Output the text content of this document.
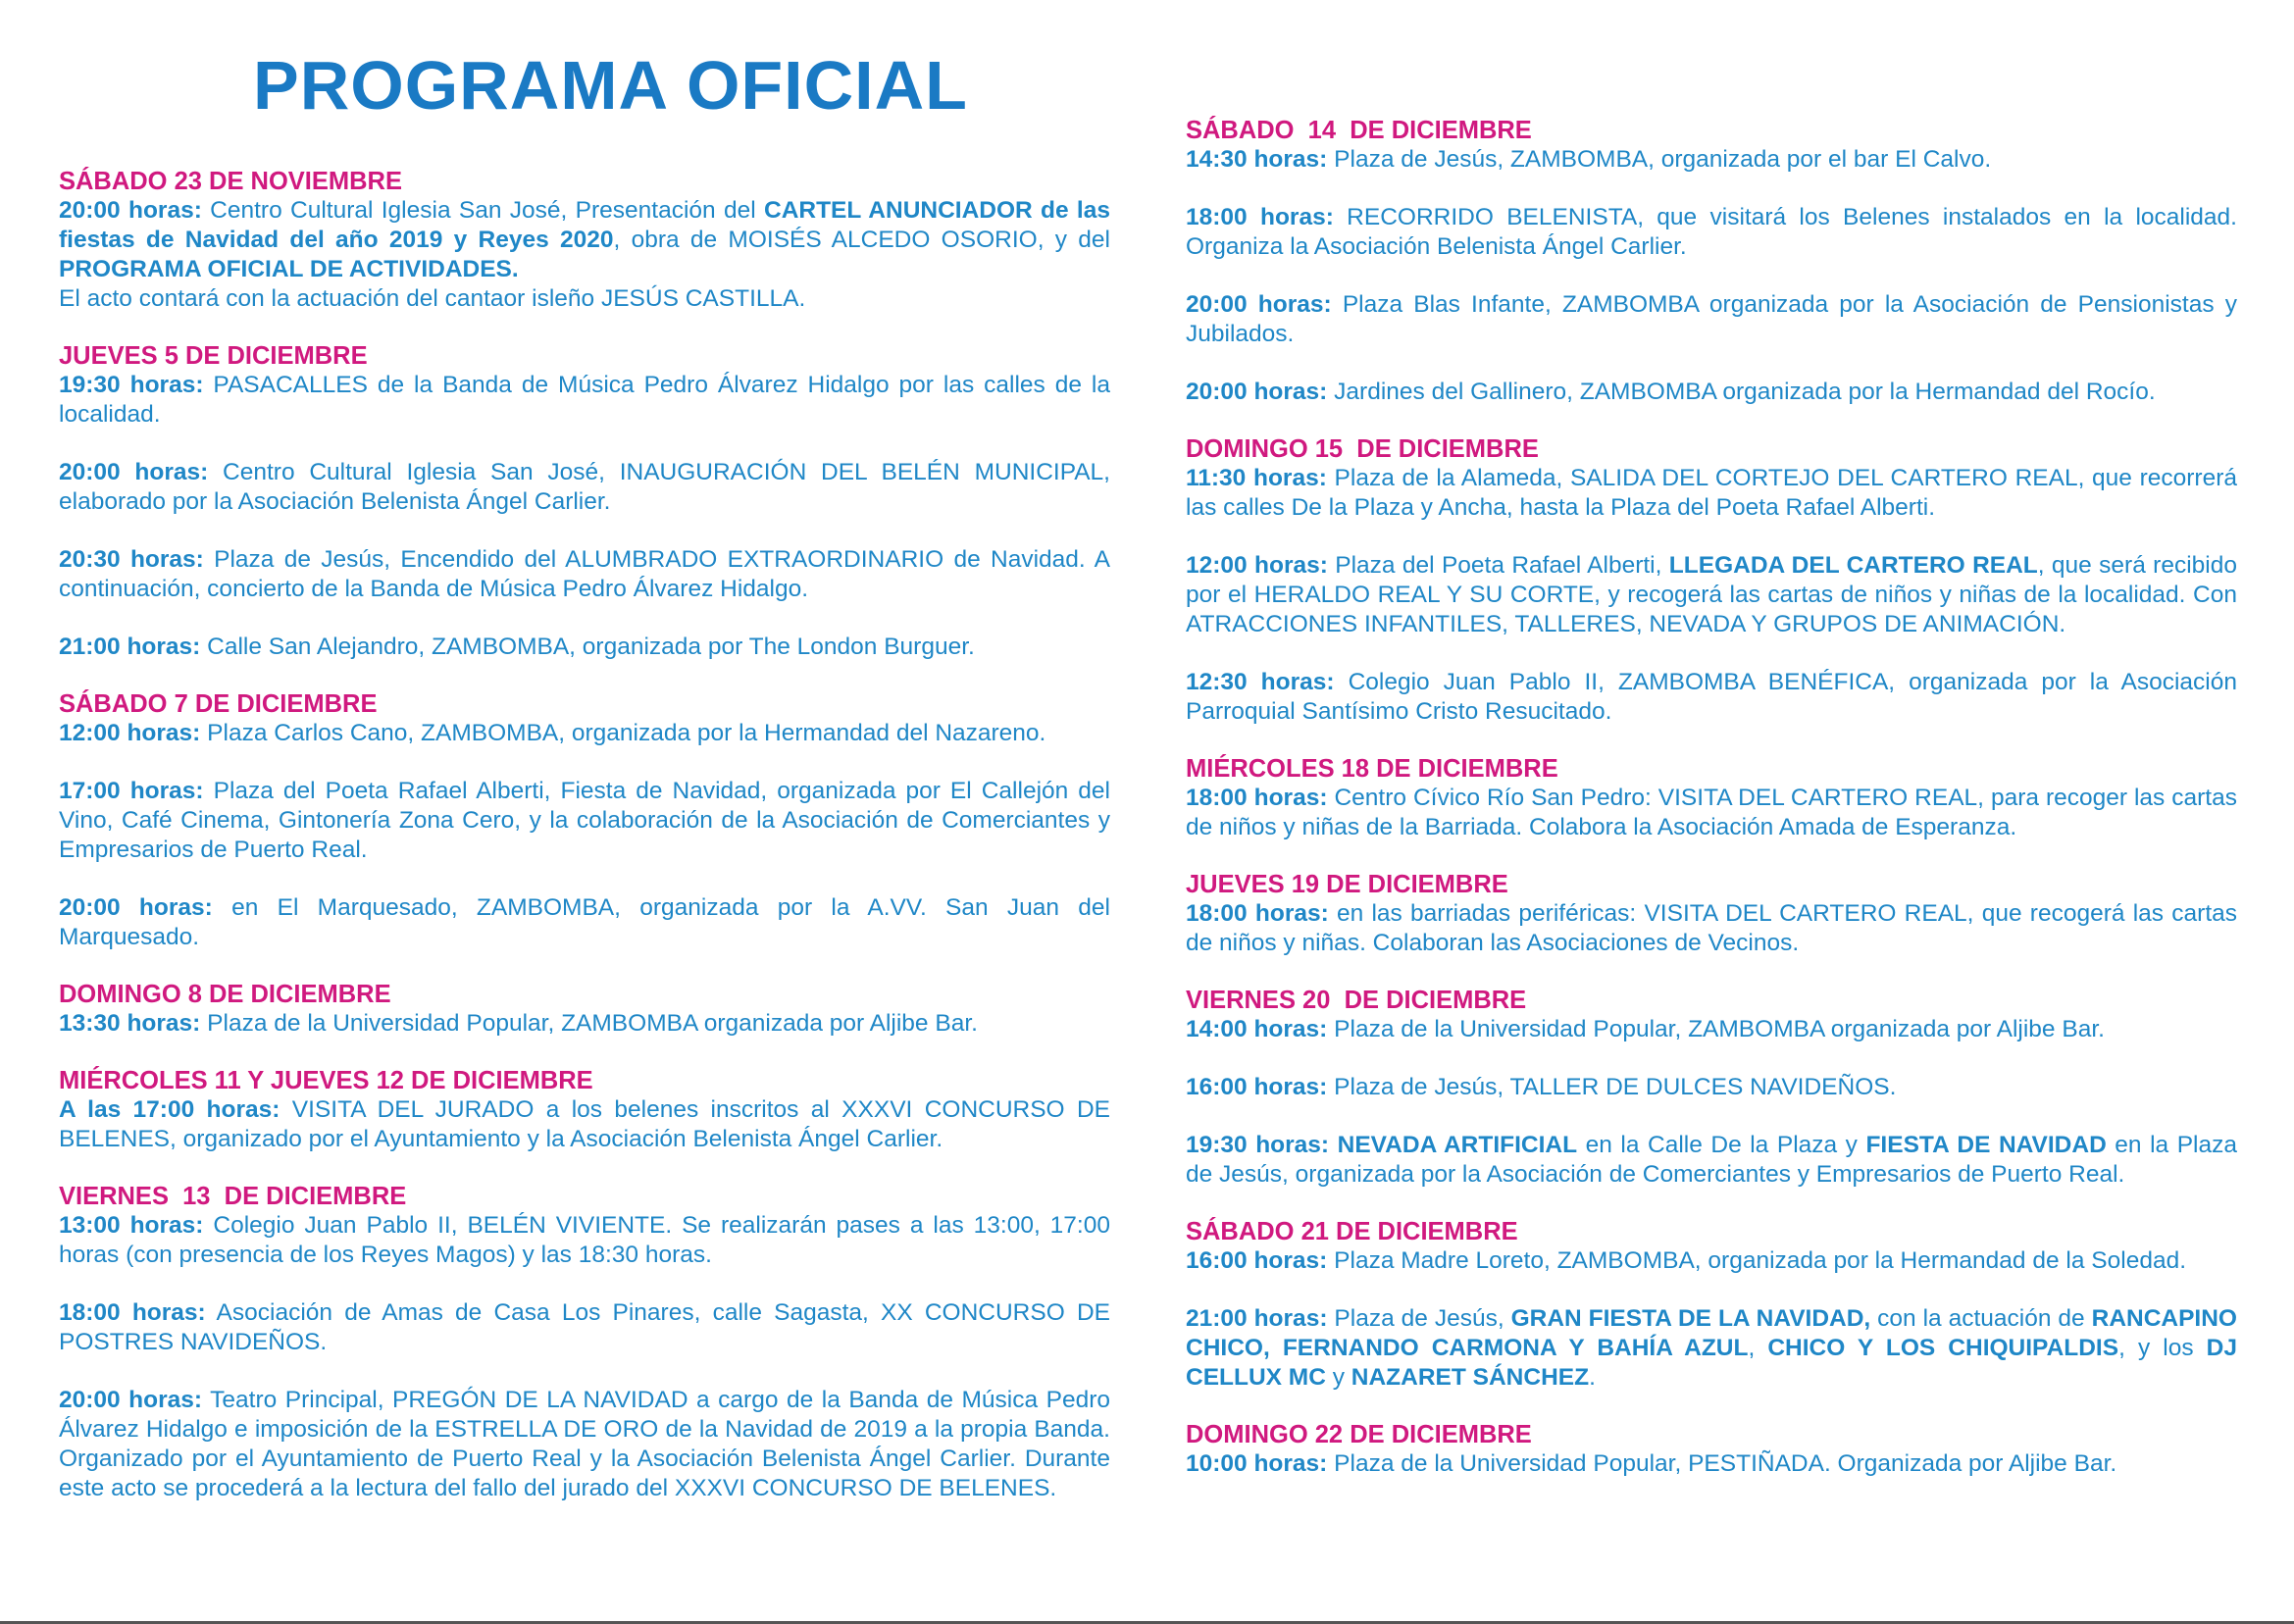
PROGRAMA OFICIAL
SÁBADO 23 DE NOVIEMBRE

20:00 horas: Centro Cultural Iglesia San José, Presentación del CARTEL ANUNCIADOR de las fiestas de Navidad del año 2019 y Reyes 2020, obra de MOISÉS ALCEDO OSORIO, y del PROGRAMA OFICIAL DE ACTIVIDADES.

El acto contará con la actuación del cantaor isleño JESÚS CASTILLA.

JUEVES 5 DE DICIEMBRE

19:30 horas: PASACALLES de la Banda de Música Pedro Álvarez Hidalgo por las calles de la localidad.

20:00 horas: Centro Cultural Iglesia San José, INAUGURACIÓN DEL BELÉN MUNICIPAL, elaborado por la Asociación Belenista Ángel Carlier.

20:30 horas: Plaza de Jesús, Encendido del ALUMBRADO EXTRAORDINARIO de Navidad. A continuación, concierto de la Banda de Música Pedro Álvarez Hidalgo.

21:00 horas: Calle San Alejandro, ZAMBOMBA, organizada por The London Burguer.

SÁBADO 7 DE DICIEMBRE

12:00 horas: Plaza Carlos Cano, ZAMBOMBA, organizada por la Hermandad del Nazareno.

17:00 horas: Plaza del Poeta Rafael Alberti, Fiesta de Navidad, organizada por El Callejón del Vino, Café Cinema, Gintonería Zona Cero, y la colaboración de la Asociación de Comerciantes y Empresarios de Puerto Real.

20:00 horas: en El Marquesado, ZAMBOMBA, organizada por la A.VV. San Juan del Marquesado.

DOMINGO 8 DE DICIEMBRE

13:30 horas: Plaza de la Universidad Popular, ZAMBOMBA organizada por Aljibe Bar.

MIÉRCOLES 11 Y JUEVES 12 DE DICIEMBRE

A las 17:00 horas: VISITA DEL JURADO a los belenes inscritos al XXXVI CONCURSO DE BELENES, organizado por el Ayuntamiento y la Asociación Belenista Ángel Carlier.

VIERNES  13  DE DICIEMBRE

13:00 horas: Colegio Juan Pablo II, BELÉN VIVIENTE. Se realizarán pases a las 13:00, 17:00 horas (con presencia de los Reyes Magos) y las 18:30 horas.

18:00 horas: Asociación de Amas de Casa Los Pinares, calle Sagasta, XX CONCURSO DE POSTRES NAVIDEÑOS.

20:00 horas: Teatro Principal, PREGÓN DE LA NAVIDAD a cargo de la Banda de Música Pedro Álvarez Hidalgo e imposición de la ESTRELLA DE ORO de la Navidad de 2019 a la propia Banda. Organizado por el Ayuntamiento de Puerto Real y la Asociación Belenista Ángel Carlier. Durante este acto se procederá a la lectura del fallo del jurado del XXXVI CONCURSO DE BELENES.

SÁBADO  14  DE DICIEMBRE

14:30 horas: Plaza de Jesús, ZAMBOMBA, organizada por el bar El Calvo.

18:00 horas: RECORRIDO BELENISTA, que visitará los Belenes instalados en la localidad. Organiza la Asociación Belenista Ángel Carlier.

20:00 horas: Plaza Blas Infante, ZAMBOMBA organizada por la Asociación de Pensionistas y Jubilados.

20:00 horas: Jardines del Gallinero, ZAMBOMBA organizada por la Hermandad del Rocío.

DOMINGO 15  DE DICIEMBRE

11:30 horas: Plaza de la Alameda, SALIDA DEL CORTEJO DEL CARTERO REAL, que recorrerá las calles De la Plaza y Ancha, hasta la Plaza del Poeta Rafael Alberti.

12:00 horas: Plaza del Poeta Rafael Alberti, LLEGADA DEL CARTERO REAL, que será recibido por el HERALDO REAL Y SU CORTE, y recogerá las cartas de niños y niñas de la localidad. Con ATRACCIONES INFANTILES, TALLERES, NEVADA Y GRUPOS DE ANIMACIÓN.

12:30 horas: Colegio Juan Pablo II, ZAMBOMBA BENÉFICA, organizada por la Asociación Parroquial Santísimo Cristo Resucitado.

MIÉRCOLES 18 DE DICIEMBRE

18:00 horas: Centro Cívico Río San Pedro: VISITA DEL CARTERO REAL, para recoger las cartas de niños y niñas de la Barriada. Colabora la Asociación Amada de Esperanza.

JUEVES 19 DE DICIEMBRE

18:00 horas: en las barriadas periféricas: VISITA DEL CARTERO REAL, que recogerá las cartas de niños y niñas. Colaboran las Asociaciones de Vecinos.

VIERNES 20  DE DICIEMBRE

14:00 horas: Plaza de la Universidad Popular, ZAMBOMBA organizada por Aljibe Bar.

16:00 horas: Plaza de Jesús, TALLER DE DULCES NAVIDEÑOS.

19:30 horas: NEVADA ARTIFICIAL en la Calle De la Plaza y FIESTA DE NAVIDAD en la Plaza de Jesús, organizada por la Asociación de Comerciantes y Empresarios de Puerto Real.

SÁBADO 21 DE DICIEMBRE

16:00 horas: Plaza Madre Loreto, ZAMBOMBA, organizada por la Hermandad de la Soledad.

21:00 horas: Plaza de Jesús, GRAN FIESTA DE LA NAVIDAD, con la actuación de RANCAPINO CHICO, FERNANDO CARMONA Y BAHÍA AZUL, CHICO Y LOS CHIQUIPALDIS, y los DJ CELLUX MC y NAZARET SÁNCHEZ.

DOMINGO 22 DE DICIEMBRE

10:00 horas: Plaza de la Universidad Popular, PESTIÑADA. Organizada por Aljibe Bar.
